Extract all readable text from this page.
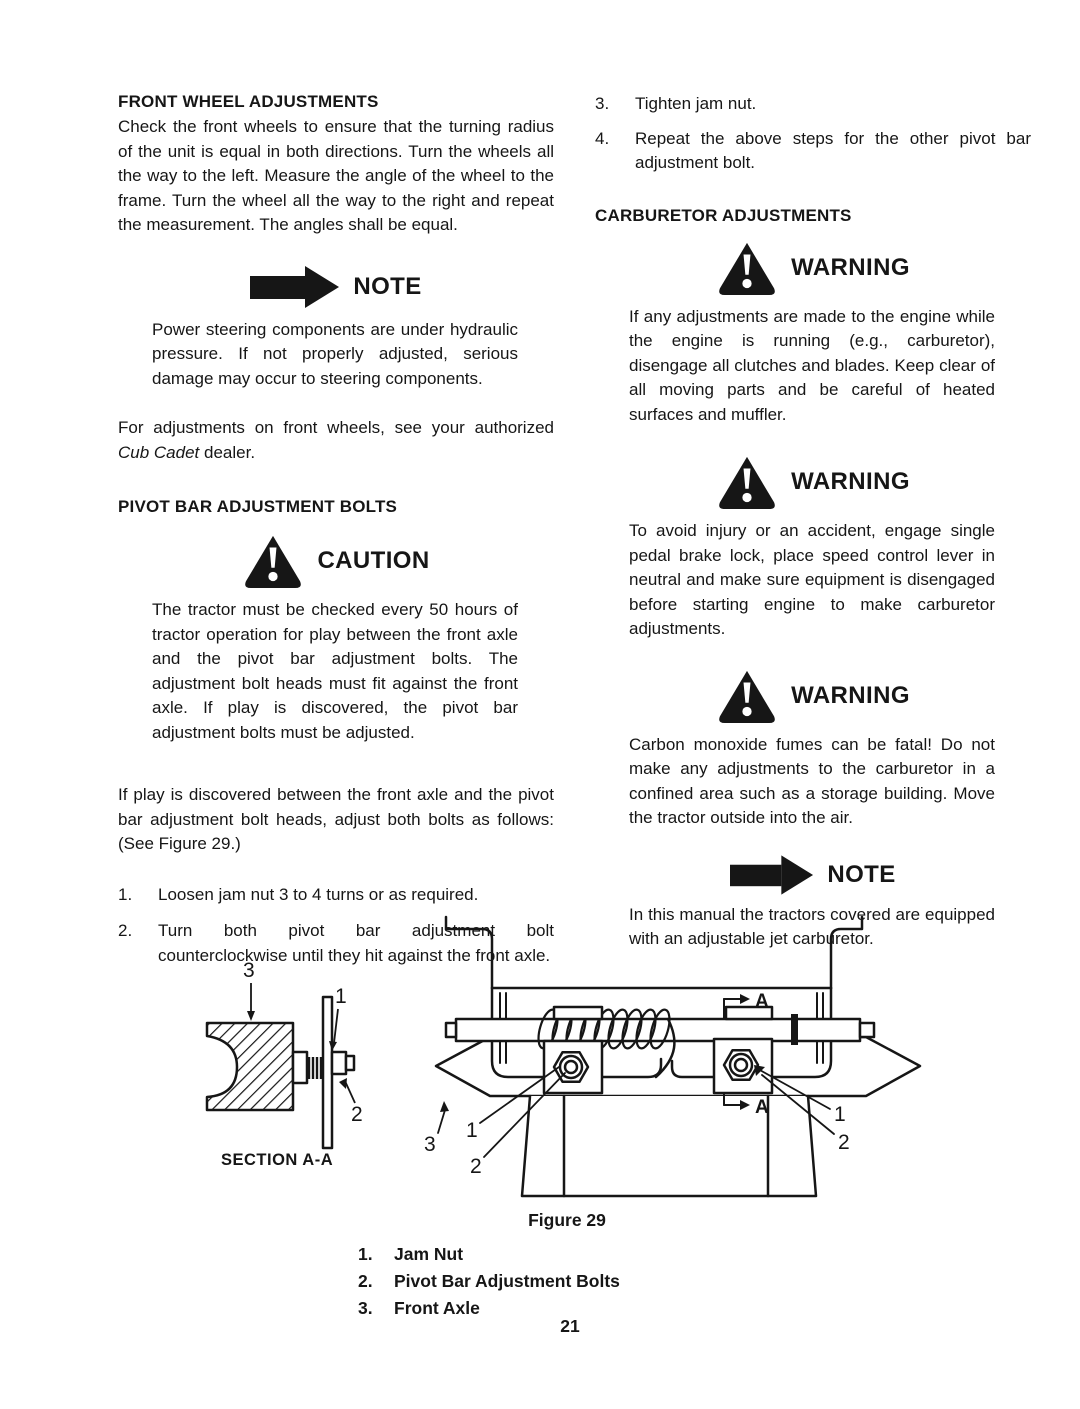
FRONT WHEEL ADJUSTMENTS

Check the front wheels to ensure that the turning radius of the unit is equal in both directions. Turn the wheels all the way to the left. Measure the angle of the wheel to the frame. Turn the wheel all the way to the right and repeat the measurement. The angles shall be equal.

NOTE

Power steering components are under hydraulic pressure. If not properly adjusted, serious damage may occur to steering components.

For adjustments on front wheels, see your authorized Cub Cadet dealer.

PIVOT BAR ADJUSTMENT BOLTS
CAUTION

The tractor must be checked every 50 hours of tractor operation for play between the front axle and the pivot bar adjustment bolts. The adjustment bolt heads must fit against the front axle. If play is discovered, the pivot bar adjustment bolts must be adjusted.

If play is discovered between the front axle and the pivot bar adjustment bolt heads, adjust both bolts as follows: (See Figure 29.)

1.	Loosen jam nut 3 to 4 turns or as required.
2.	Turn both pivot bar adjustment bolt counterclockwise until they hit against the front axle.
3.	Tighten jam nut.
4.	Repeat the above steps for the other pivot bar adjustment bolt.
CARBURETOR ADJUSTMENTS
WARNING

If any adjustments are made to the engine while the engine is running (e.g., carburetor), disengage all clutches and blades. Keep clear of all moving parts and be careful of heated surfaces and muffler.

WARNING

To avoid injury or an accident, engage single pedal brake lock, place speed control lever in neutral and make sure equipment is disengaged before starting engine to make carburetor adjustments.

WARNING

Carbon monoxide fumes can be fatal! Do not make any adjustments to the carburetor in a confined area such as a storage building. Move the tractor outside into the air.

NOTE

In this manual the tractors covered are equipped with an adjustable jet carburetor.

3
1
2
SECTION A-A
3
1
2
1
2
A
A
Figure 29
1.	Jam Nut
2.	Pivot Bar Adjustment Bolts
3.	Front Axle
21
